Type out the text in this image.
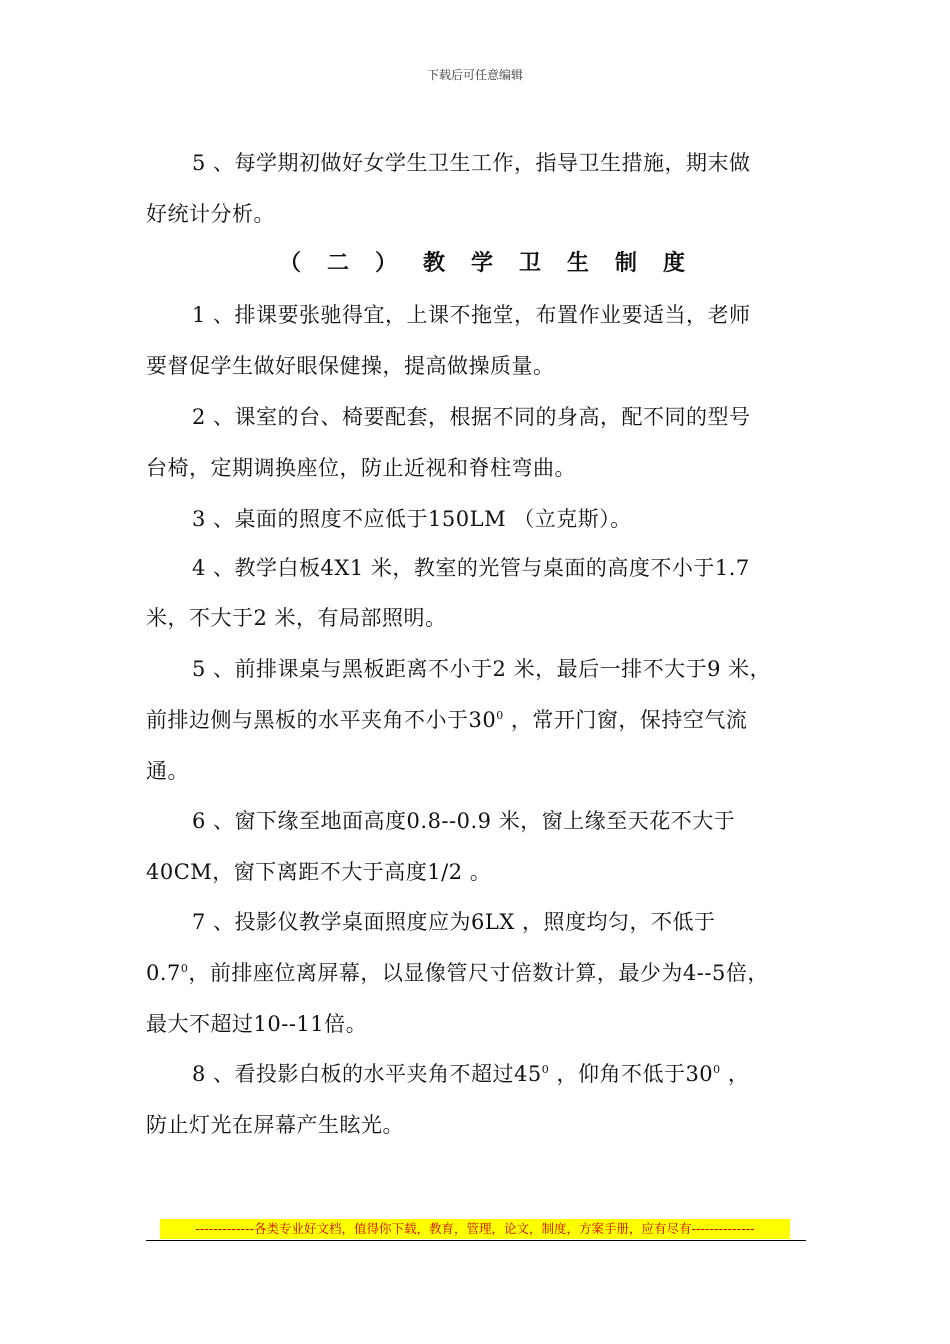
下载后可任意编辑
5 、每学期初做好女学生卫生工作，指导卫生措施，期末做
好统计分析。
（二）教学卫生制度
1 、排课要张驰得宜，上课不拖堂，布置作业要适当，老师
要督促学生做好眼保健操，提高做操质量。
2 、课室的台、椅要配套，根据不同的身高，配不同的型号
台椅，定期调换座位，防止近视和脊柱弯曲。
3 、桌面的照度不应低于150LM （立克斯）。
4 、教学白板4X1 米，教室的光管与桌面的高度不小于1.7
米，不大于2 米，有局部照明。
5 、前排课桌与黑板距离不小于2 米，最后一排不大于9 米，
前排边侧与黑板的水平夹角不小于$30^0$ ，常开门窗，保持空气流
通。
6 、窗下缘至地面高度0.8--0.9 米，窗上缘至天花不大于
40CM，窗下离距不大于高度1/2 。
7 、投影仪教学桌面照度应为6LX ，照度均匀，不低于
$0.7^0$，前排座位离屏幕，以显像管尺寸倍数计算，最少为4--5倍，
最大不超过10--11倍。
8 、看投影白板的水平夹角不超过$45^0$ ，仰角不低于$30^0$ ，
防止灯光在屏幕产生眩光。
-------------各类专业好文档，值得你下载，教育，管理，论文，制度，方案手册，应有尽有--------------
